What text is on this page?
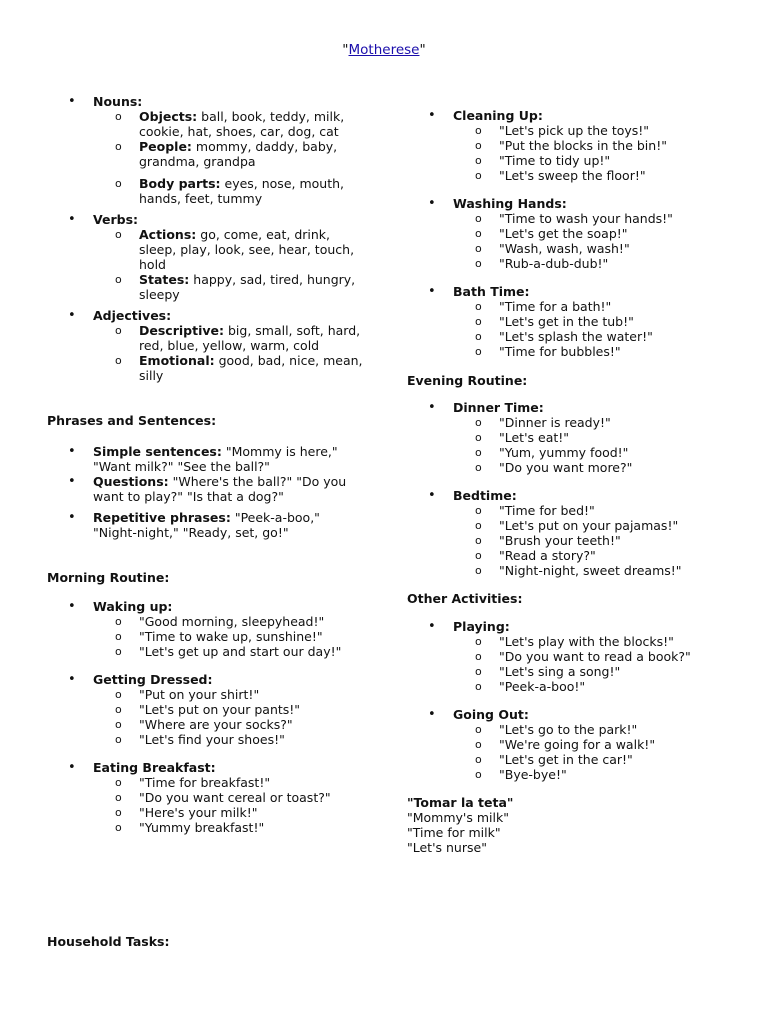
"Motherese"
• Nouns:
o Objects: ball, book, teddy, milk, cookie, hat, shoes, car, dog, cat
o People: mommy, daddy, baby, grandma, grandpa
o Body parts: eyes, nose, mouth, hands, feet, tummy
• Verbs:
o Actions: go, come, eat, drink, sleep, play, look, see, hear, touch, hold
o States: happy, sad, tired, hungry, sleepy
• Adjectives:
o Descriptive: big, small, soft, hard, red, blue, yellow, warm, cold
o Emotional: good, bad, nice, mean, silly
Phrases and Sentences:
• Simple sentences: "Mommy is here," "Want milk?" "See the ball?"
• Questions: "Where's the ball?" "Do you want to play?" "Is that a dog?"
• Repetitive phrases: "Peek-a-boo," "Night-night," "Ready, set, go!"
Morning Routine:
• Waking up:
o "Good morning, sleepyhead!"
o "Time to wake up, sunshine!"
o "Let's get up and start our day!"
• Getting Dressed:
o "Put on your shirt!"
o "Let's put on your pants!"
o "Where are your socks?"
o "Let's find your shoes!"
• Eating Breakfast:
o "Time for breakfast!"
o "Do you want cereal or toast?"
o "Here's your milk!"
o "Yummy breakfast!"
Household Tasks:
• Cleaning Up:
o "Let's pick up the toys!"
o "Put the blocks in the bin!"
o "Time to tidy up!"
o "Let's sweep the floor!"
• Washing Hands:
o "Time to wash your hands!"
o "Let's get the soap!"
o "Wash, wash, wash!"
o "Rub-a-dub-dub!"
• Bath Time:
o "Time for a bath!"
o "Let's get in the tub!"
o "Let's splash the water!"
o "Time for bubbles!"
Evening Routine:
• Dinner Time:
o "Dinner is ready!"
o "Let's eat!"
o "Yum, yummy food!"
o "Do you want more?"
• Bedtime:
o "Time for bed!"
o "Let's put on your pajamas!"
o "Brush your teeth!"
o "Read a story?"
o "Night-night, sweet dreams!"
Other Activities:
• Playing:
o "Let's play with the blocks!"
o "Do you want to read a book?"
o "Let's sing a song!"
o "Peek-a-boo!"
• Going Out:
o "Let's go to the park!"
o "We're going for a walk!"
o "Let's get in the car!"
o "Bye-bye!"
"Tomar la teta"
"Mommy's milk"
"Time for milk"
"Let's nurse"
